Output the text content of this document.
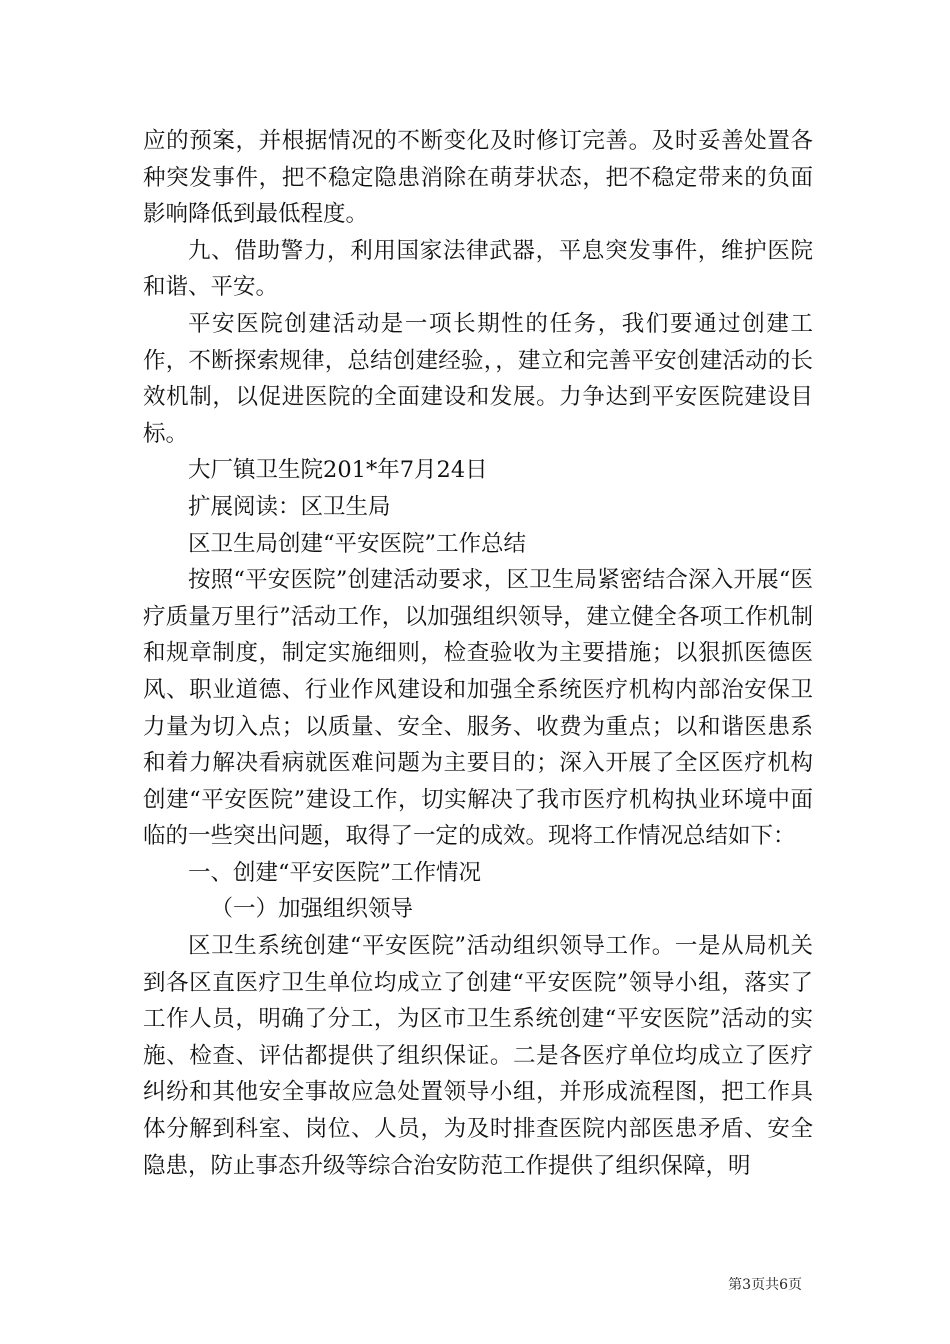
应的预案，并根据情况的不断变化及时修订完善。及时妥善处置各种突发事件，把不稳定隐患消除在萌芽状态，把不稳定带来的负面影响降低到最低程度。

九、借助警力，利用国家法律武器，平息突发事件，维护医院和谐、平安。

平安医院创建活动是一项长期性的任务，我们要通过创建工作，不断探索规律，总结创建经验，，建立和完善平安创建活动的长效机制，以促进医院的全面建设和发展。力争达到平安医院建设目标。

大厂镇卫生院201*年7月24日

扩展阅读：区卫生局

区卫生局创建“平安医院”工作总结

按照“平安医院”创建活动要求，区卫生局紧密结合深入开展“医疗质量万里行”活动工作，以加强组织领导，建立健全各项工作机制和规章制度，制定实施细则，检查验收为主要措施；以狠抓医德医风、职业道德、行业作风建设和加强全系统医疗机构内部治安保卫力量为切入点；以质量、安全、服务、收费为重点；以和谐医患系和着力解决看病就医难问题为主要目的；深入开展了全区医疗机构创建“平安医院”建设工作，切实解决了我市医疗机构执业环境中面临的一些突出问题，取得了一定的成效。现将工作情况总结如下：

一、创建“平安医院”工作情况

（一）加强组织领导

区卫生系统创建“平安医院”活动组织领导工作。一是从局机关到各区直医疗卫生单位均成立了创建“平安医院”领导小组，落实了工作人员，明确了分工，为区市卫生系统创建“平安医院”活动的实施、检查、评估都提供了组织保证。二是各医疗单位均成立了医疗纠纷和其他安全事故应急处置领导小组，并形成流程图，把工作具体分解到科室、岗位、人员，为及时排查医院内部医患矛盾、安全隐患，防止事态升级等综合治安防范工作提供了组织保障，明

第3页共6页
